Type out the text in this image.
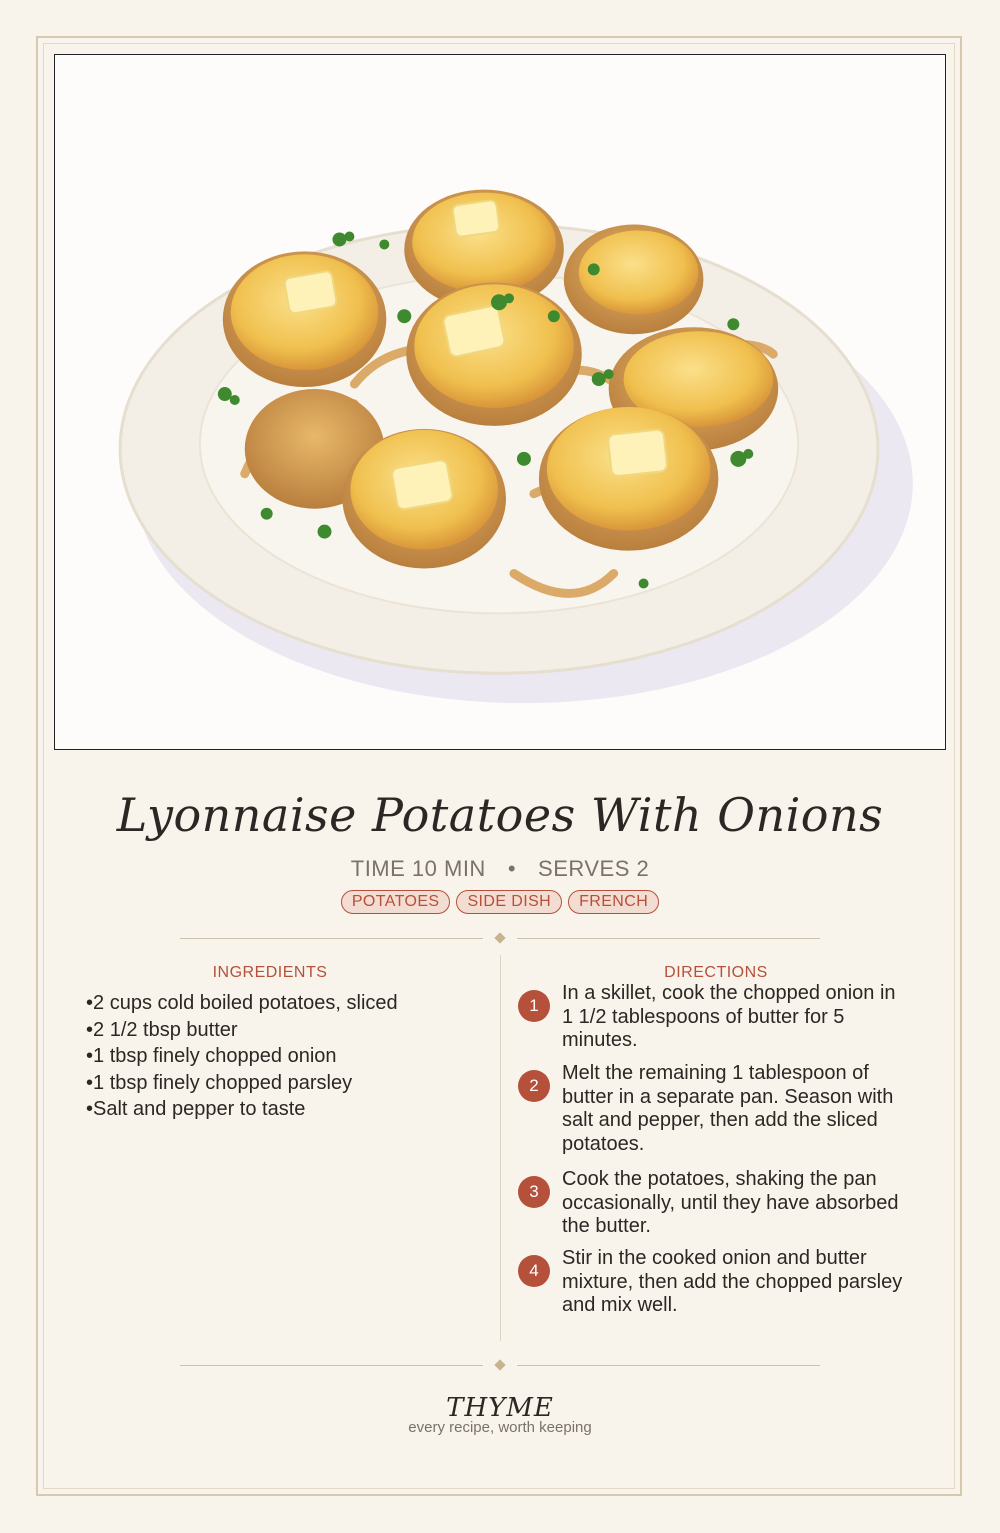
Lyonnaise Potatoes With Onions
TIME 10 MIN • SERVES 2
POTATOES SIDE DISH FRENCH
INGREDIENTS
• 2 cups cold boiled potatoes, sliced
• 2 1/2 tbsp butter
• 1 tbsp finely chopped onion
• 1 tbsp finely chopped parsley
• Salt and pepper to taste
DIRECTIONS
1
In a skillet, cook the chopped onion in 1 1/2 tablespoons of butter for 5 minutes.
2
Melt the remaining 1 tablespoon of butter in a separate pan. Season with salt and pepper, then add the sliced potatoes.
3
Cook the potatoes, shaking the pan occasionally, until they have absorbed the butter.
4
Stir in the cooked onion and butter mixture, then add the chopped parsley and mix well.
THYME
every recipe, worth keeping
